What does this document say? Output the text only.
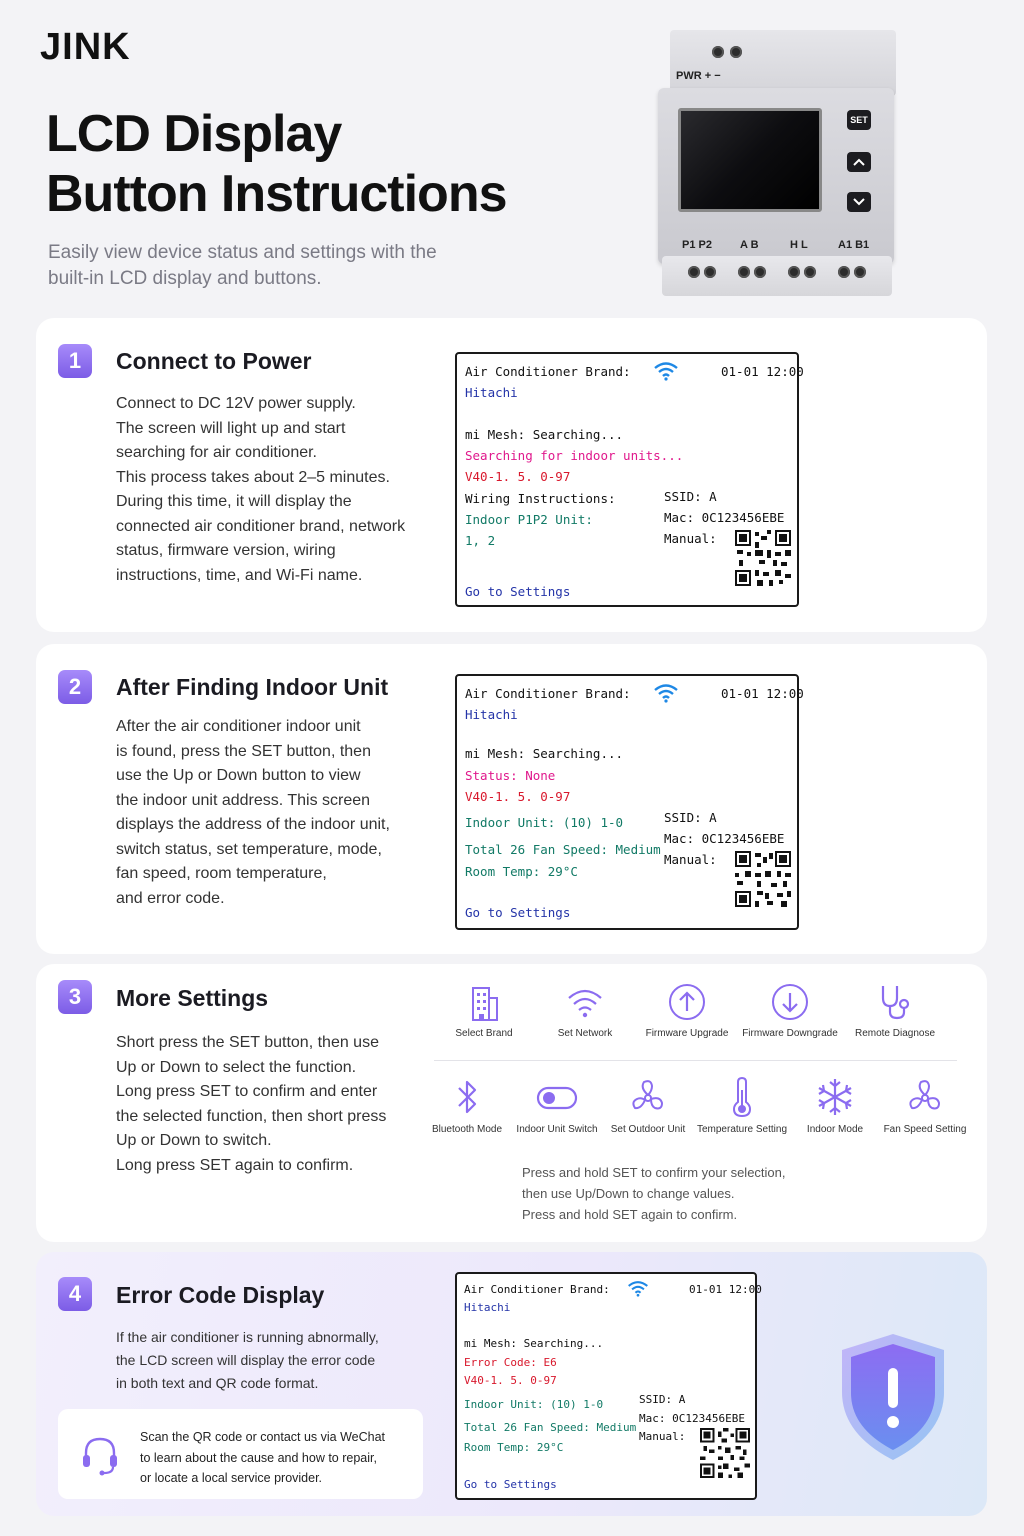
JINK
LCD Display
Button Instructions
Easily view device status and settings with the built-in LCD display and buttons.
PWR + −
SET
P1 P2	A B	H L	A1 B1
1	Connect to Power
Connect to DC 12V power supply.
The screen will light up and start
searching for air conditioner.
This process takes about 2–5 minutes.
During this time, it will display the
connected air conditioner brand, network
status, firmware version, wiring
instructions, time, and Wi-Fi name.
Air Conditioner Brand:
Hitachi
01-01 12:00
mi Mesh: Searching...
Searching for indoor units...
V40-1. 5. 0-97
Wiring Instructions:
Indoor P1P2 Unit:
1, 2
SSID: A
Mac: 0C123456EBE
Manual:
Go to Settings
2	After Finding Indoor Unit
After the air conditioner indoor unit
is found, press the SET button, then
use the Up or Down button to view
the indoor unit address. This screen
displays the address of the indoor unit,
switch status, set temperature, mode,
fan speed, room temperature,
and error code.
Air Conditioner Brand:
Hitachi
01-01 12:00
mi Mesh: Searching...
Status: None
V40-1. 5. 0-97
Indoor Unit: (10) 1-0
Total 26 Fan Speed: Medium
Room Temp: 29°C
SSID: A
Mac: 0C123456EBE
Manual:
Go to Settings
3	More Settings
Short press the SET button, then use
Up or Down to select the function.
Long press SET to confirm and enter
the selected function, then short press
Up or Down to switch.
Long press SET again to confirm.
Select Brand	Set Network	Firmware Upgrade	Firmware Downgrade	Remote Diagnose
Bluetooth Mode	Indoor Unit Switch	Set Outdoor Unit	Temperature Setting	Indoor Mode	Fan Speed Setting
Press and hold SET to confirm your selection,
then use Up/Down to change values.
Press and hold SET again to confirm.
4	Error Code Display
If the air conditioner is running abnormally,
the LCD screen will display the error code
in both text and QR code format.
Scan the QR code or contact us via WeChat
to learn about the cause and how to repair,
or locate a local service provider.
Air Conditioner Brand:
Hitachi
01-01 12:00
mi Mesh: Searching...
Error Code: E6
V40-1. 5. 0-97
Indoor Unit: (10) 1-0
Total 26 Fan Speed: Medium
Room Temp: 29°C
SSID: A
Mac: 0C123456EBE
Manual:
Go to Settings
